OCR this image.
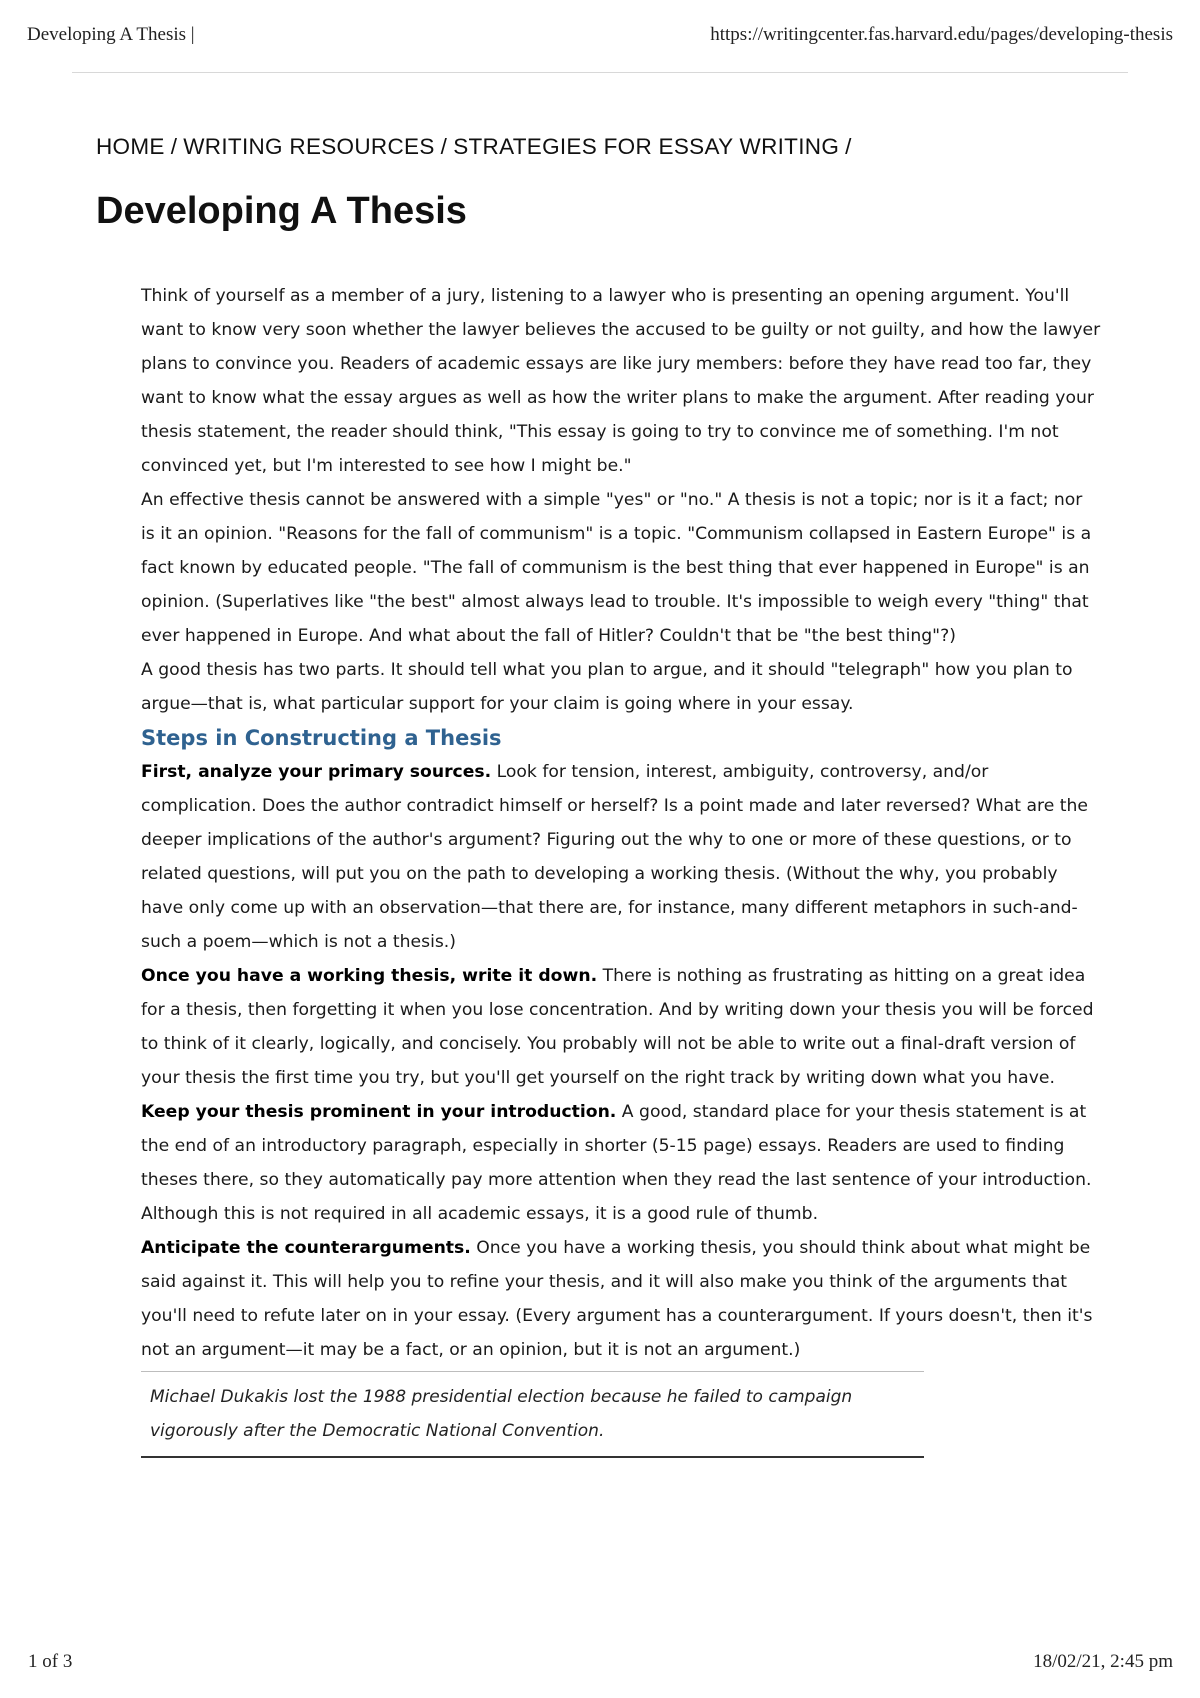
Developing A Thesis |	https://writingcenter.fas.harvard.edu/pages/developing-thesis
HOME / WRITING RESOURCES / STRATEGIES FOR ESSAY WRITING /
Developing A Thesis

Think of yourself as a member of a jury, listening to a lawyer who is presenting an opening argument. You'll want to know very soon whether the lawyer believes the accused to be guilty or not guilty, and how the lawyer plans to convince you. Readers of academic essays are like jury members: before they have read too far, they want to know what the essay argues as well as how the writer plans to make the argument. After reading your thesis statement, the reader should think, "This essay is going to try to convince me of something. I'm not convinced yet, but I'm interested to see how I might be."

An effective thesis cannot be answered with a simple "yes" or "no." A thesis is not a topic; nor is it a fact; nor is it an opinion. "Reasons for the fall of communism" is a topic. "Communism collapsed in Eastern Europe" is a fact known by educated people. "The fall of communism is the best thing that ever happened in Europe" is an opinion. (Superlatives like "the best" almost always lead to trouble. It's impossible to weigh every "thing" that ever happened in Europe. And what about the fall of Hitler? Couldn't that be "the best thing"?)

A good thesis has two parts. It should tell what you plan to argue, and it should "telegraph" how you plan to argue—that is, what particular support for your claim is going where in your essay.

Steps in Constructing a Thesis

First, analyze your primary sources. Look for tension, interest, ambiguity, controversy, and/or complication. Does the author contradict himself or herself? Is a point made and later reversed? What are the deeper implications of the author's argument? Figuring out the why to one or more of these questions, or to related questions, will put you on the path to developing a working thesis. (Without the why, you probably have only come up with an observation—that there are, for instance, many different metaphors in such-and-such a poem—which is not a thesis.)

Once you have a working thesis, write it down. There is nothing as frustrating as hitting on a great idea for a thesis, then forgetting it when you lose concentration. And by writing down your thesis you will be forced to think of it clearly, logically, and concisely. You probably will not be able to write out a final-draft version of your thesis the first time you try, but you'll get yourself on the right track by writing down what you have.

Keep your thesis prominent in your introduction. A good, standard place for your thesis statement is at the end of an introductory paragraph, especially in shorter (5-15 page) essays. Readers are used to finding theses there, so they automatically pay more attention when they read the last sentence of your introduction. Although this is not required in all academic essays, it is a good rule of thumb.

Anticipate the counterarguments. Once you have a working thesis, you should think about what might be said against it. This will help you to refine your thesis, and it will also make you think of the arguments that you'll need to refute later on in your essay. (Every argument has a counterargument. If yours doesn't, then it's not an argument—it may be a fact, or an opinion, but it is not an argument.)

Michael Dukakis lost the 1988 presidential election because he failed to campaign vigorously after the Democratic National Convention.
1 of 3	18/02/21, 2:45 pm
